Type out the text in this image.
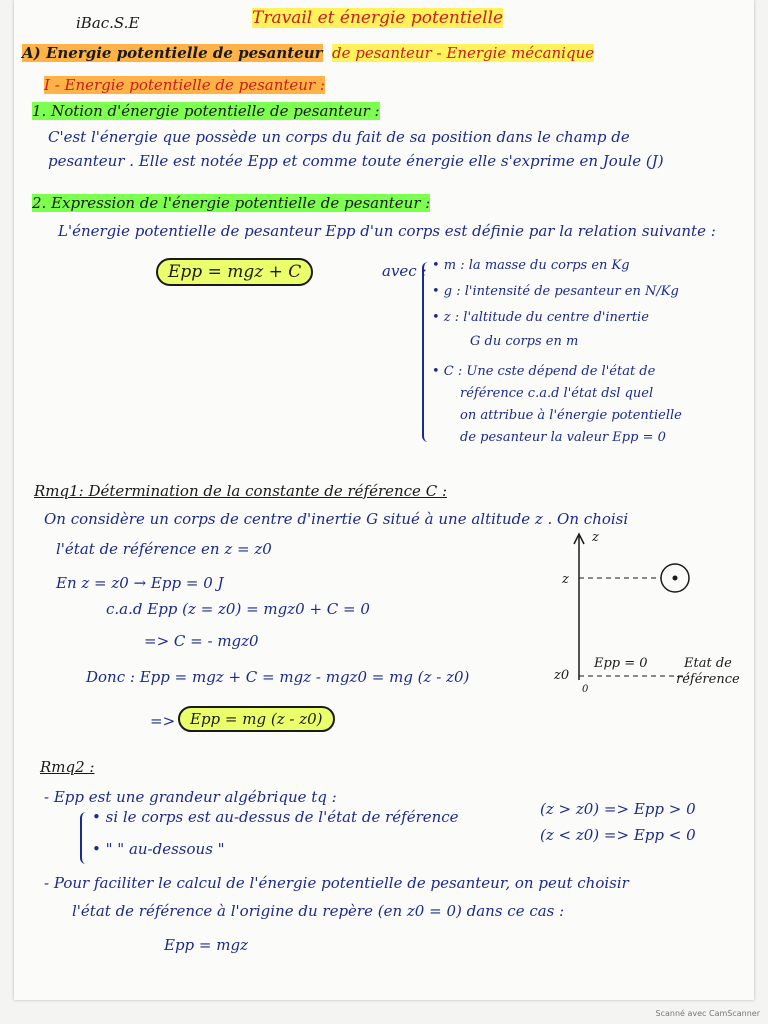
iBac.S.E	Travail et énergie potentielle
A) Energie potentielle de pesanteur de pesanteur - Energie mécanique
I - Energie potentielle de pesanteur :
1. Notion d'énergie potentielle de pesanteur :
C'est l'énergie que possède un corps du fait de sa position dans le champ de
pesanteur . Elle est notée Epp et comme toute énergie elle s'exprime en Joule (J)
2. Expression de l'énergie potentielle de pesanteur :
L'énergie potentielle de pesanteur Epp d'un corps est définie par la relation suivante :
Epp = mgz + C	avec : • m : la masse du corps en Kg
• g : l'intensité de pesanteur en N/Kg
• z : l'altitude du centre d'inertie
G du corps en m
• C : Une cste dépend de l'état de
référence c.a.d l'état dsl quel
on attribue à l'énergie potentielle
de pesanteur la valeur Epp = 0
Rmq1: Détermination de la constante de référence C :
On considère un corps de centre d'inertie G situé à une altitude z . On choisi
l'état de référence en z = z0
En z = z0 → Epp = 0 J
c.a.d Epp (z = z0) = mgz0 + C = 0
=> C = - mgz0
Donc : Epp = mgz + C = mgz - mgz0 = mg (z - z0)
=> Epp = mg (z - z0)
z
z
z0
0
Epp = 0	Etat de
référence
Rmq2 :
- Epp est une grandeur algébrique tq :
• si le corps est au-dessus de l'état de référence	(z > z0) => Epp > 0
• " " au-dessous "
(z < z0) => Epp < 0
- Pour faciliter le calcul de l'énergie potentielle de pesanteur, on peut choisir
l'état de référence à l'origine du repère (en z0 = 0) dans ce cas :
Epp = mgz
Scanné avec CamScanner
